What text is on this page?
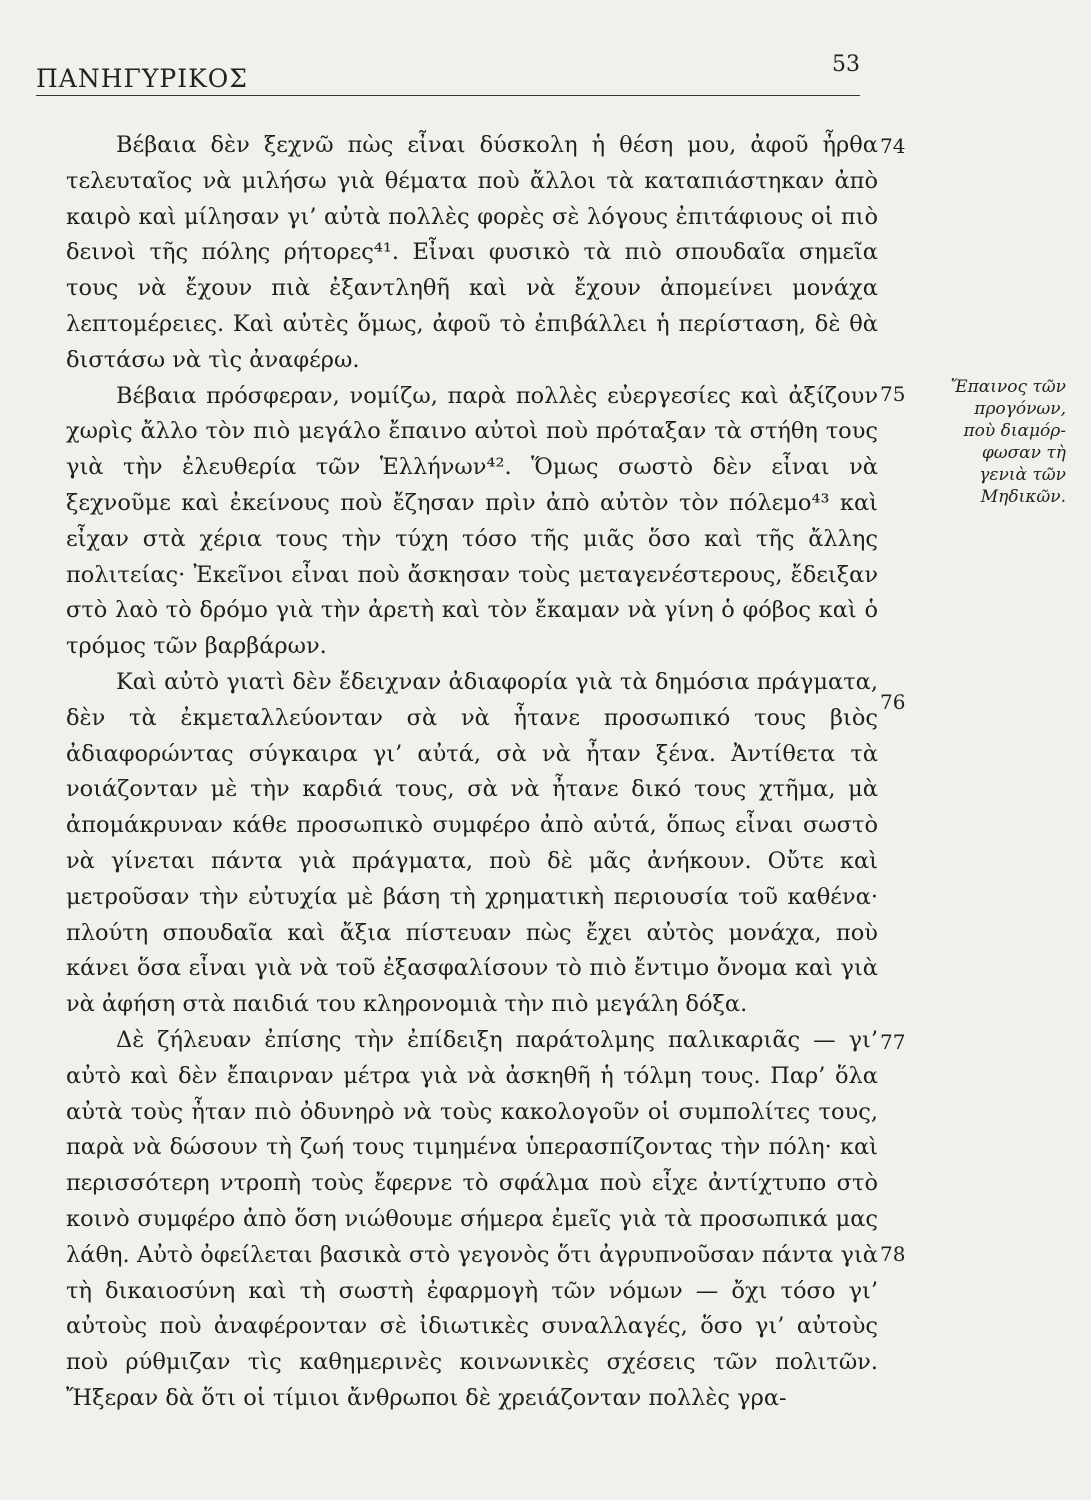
ΠΑΝΗΓΥΡΙΚΟΣ	53

Βέβαια δὲν ξεχνῶ πὼς εἶναι δύσκολη ἡ θέση μου, ἀφοῦ ἦρθα τελευταῖος νὰ μιλήσω γιὰ θέματα ποὺ ἄλλοι τὰ καταπιάστηκαν ἀπὸ καιρὸ καὶ μίλησαν γι’ αὐτὰ πολλὲς φορὲς σὲ λόγους ἐπιτάφιους οἱ πιὸ δεινοὶ τῆς πόλης ρήτορες⁴¹. Εἶναι φυσικὸ τὰ πιὸ σπουδαῖα σημεῖα τους νὰ ἔχουν πιὰ ἐξαντληθῆ καὶ νὰ ἔχουν ἀπομείνει μονάχα λεπτομέρειες. Καὶ αὐτὲς ὅμως, ἀφοῦ τὸ ἐπιβάλλει ἡ περίσταση, δὲ θὰ διστάσω νὰ τὶς ἀναφέρω.

Βέβαια πρόσφεραν, νομίζω, παρὰ πολλὲς εὐεργεσίες καὶ ἀξίζουν χωρὶς ἄλλο τὸν πιὸ μεγάλο ἔπαινο αὐτοὶ ποὺ πρόταξαν τὰ στήθη τους γιὰ τὴν ἐλευθερία τῶν Ἑλλήνων⁴². Ὅμως σωστὸ δὲν εἶναι νὰ ξεχνοῦμε καὶ ἐκείνους ποὺ ἔζησαν πρὶν ἀπὸ αὐτὸν τὸν πόλεμο⁴³ καὶ εἶχαν στὰ χέρια τους τὴν τύχη τόσο τῆς μιᾶς ὅσο καὶ τῆς ἄλλης πολιτείας· Ἐκεῖνοι εἶναι ποὺ ἄσκησαν τοὺς μεταγενέστερους, ἔδειξαν στὸ λαὸ τὸ δρόμο γιὰ τὴν ἀρετὴ καὶ τὸν ἔκαμαν νὰ γίνη ὁ φόβος καὶ ὁ τρόμος τῶν βαρβάρων.

Καὶ αὐτὸ γιατὶ δὲν ἔδειχναν ἀδιαφορία γιὰ τὰ δημόσια πράγματα, δὲν τὰ ἐκμεταλλεύονταν σὰ νὰ ἦτανε προσωπικό τους βιὸς ἀδιαφορώντας σύγκαιρα γι’ αὐτά, σὰ νὰ ἦταν ξένα. Ἀντίθετα τὰ νοιάζονταν μὲ τὴν καρδιά τους, σὰ νὰ ἦτανε δικό τους χτῆμα, μὰ ἀπομάκρυναν κάθε προσωπικὸ συμφέρο ἀπὸ αὐτά, ὅπως εἶναι σωστὸ νὰ γίνεται πάντα γιὰ πράγματα, ποὺ δὲ μᾶς ἀνήκουν. Οὔτε καὶ μετροῦσαν τὴν εὐτυχία μὲ βάση τὴ χρηματικὴ περιουσία τοῦ καθένα· πλούτη σπουδαῖα καὶ ἄξια πίστευαν πὼς ἔχει αὐτὸς μονάχα, ποὺ κάνει ὅσα εἶναι γιὰ νὰ τοῦ ἐξασφαλίσουν τὸ πιὸ ἔντιμο ὄνομα καὶ γιὰ νὰ ἀφήση στὰ παιδιά του κληρονομιὰ τὴν πιὸ μεγάλη δόξα.

Δὲ ζήλευαν ἐπίσης τὴν ἐπίδειξη παράτολμης παλικαριᾶς — γι’ αὐτὸ καὶ δὲν ἔπαιρναν μέτρα γιὰ νὰ ἀσκηθῆ ἡ τόλμη τους. Παρ’ ὅλα αὐτὰ τοὺς ἦταν πιὸ ὀδυνηρὸ νὰ τοὺς κακολογοῦν οἱ συμπολίτες τους, παρὰ νὰ δώσουν τὴ ζωή τους τιμημένα ὑπερασπίζοντας τὴν πόλη· καὶ περισσότερη ντροπὴ τοὺς ἔφερνε τὸ σφάλμα ποὺ εἶχε ἀντίχτυπο στὸ κοινὸ συμφέρο ἀπὸ ὅση νιώθουμε σήμερα ἐμεῖς γιὰ τὰ προσωπικά μας λάθη. Αὐτὸ ὀφείλεται βασικὰ στὸ γεγονὸς ὅτι ἀγρυπνοῦσαν πάντα γιὰ τὴ δικαιοσύνη καὶ τὴ σωστὴ ἐφαρμογὴ τῶν νόμων — ὄχι τόσο γι’ αὐτοὺς ποὺ ἀναφέρονταν σὲ ἰδιωτικὲς συναλλαγές, ὅσο γι’ αὐτοὺς ποὺ ρύθμιζαν τὶς καθημερινὲς κοινωνικὲς σχέσεις τῶν πολιτῶν. Ἤξεραν δὰ ὅτι οἱ τίμιοι ἄνθρωποι δὲ χρειάζονταν πολλὲς γρα-

74
75
76
77
78
Ἔπαινος τῶν
προγόνων,
ποὺ διαμόρ-
φωσαν τὴ
γενιὰ τῶν
Μηδικῶν.
